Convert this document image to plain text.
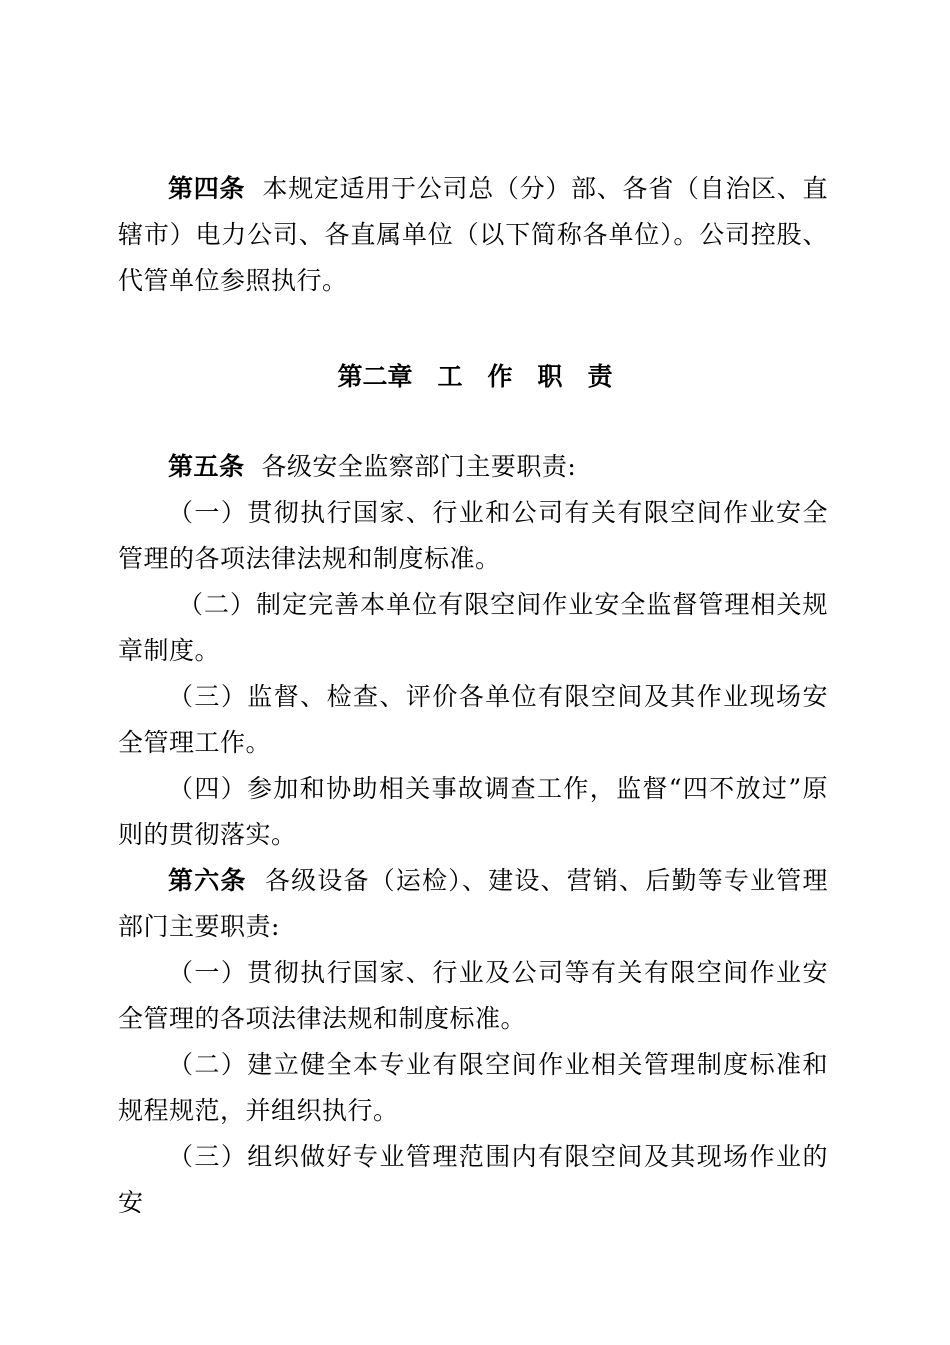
第四条 本规定适用于公司总（分）部、各省（自治区、直辖市）电力公司、各直属单位（以下简称各单位）。公司控股、代管单位参照执行。

第二章　工　作　职　责

第五条 各级安全监察部门主要职责:

（一）贯彻执行国家、行业和公司有关有限空间作业安全管理的各项法律法规和制度标准。

（二）制定完善本单位有限空间作业安全监督管理相关规章制度。

（三）监督、检查、评价各单位有限空间及其作业现场安全管理工作。

（四）参加和协助相关事故调查工作，监督“四不放过”原则的贯彻落实。

第六条 各级设备（运检）、建设、营销、后勤等专业管理部门主要职责:

（一）贯彻执行国家、行业及公司等有关有限空间作业安全管理的各项法律法规和制度标准。

（二）建立健全本专业有限空间作业相关管理制度标准和规程规范，并组织执行。

（三）组织做好专业管理范围内有限空间及其现场作业的安
